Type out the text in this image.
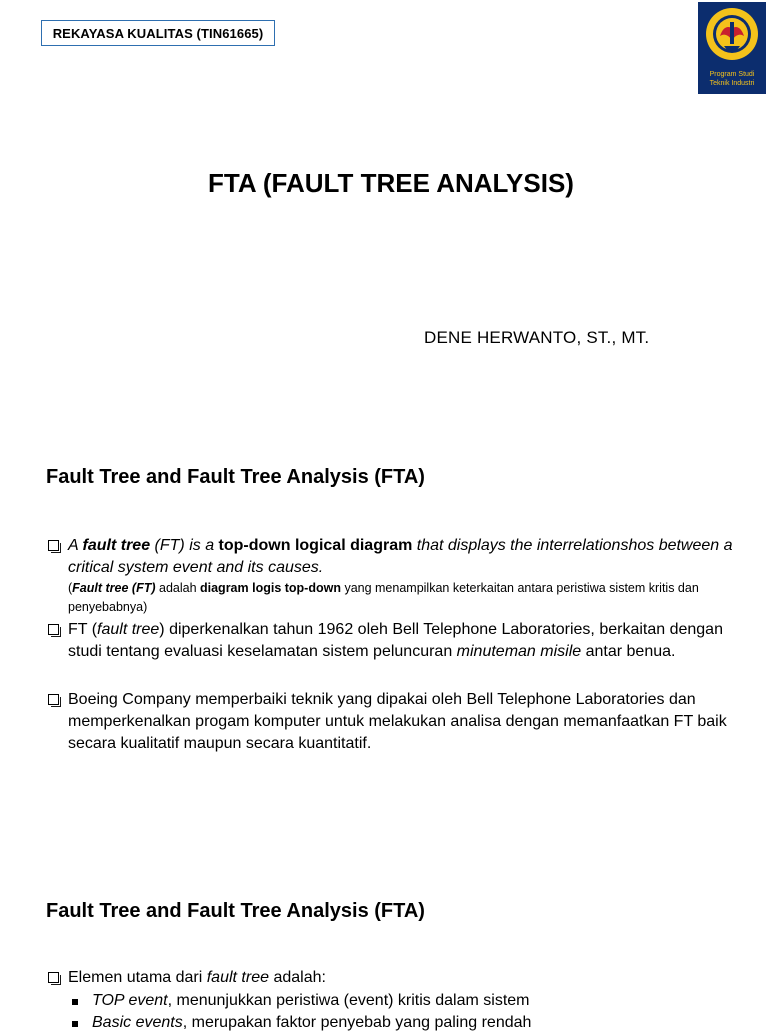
REKAYASA KUALITAS (TIN61665)
Program Studi
Teknik Industri
FTA (FAULT TREE ANALYSIS)
DENE HERWANTO, ST., MT.
Fault Tree and Fault Tree Analysis (FTA)
A fault tree (FT) is a top-down logical diagram that displays the interrelationshos between a critical system event and its causes.
(Fault tree (FT) adalah diagram logis top-down yang menampilkan keterkaitan antara peristiwa sistem kritis dan penyebabnya)
FT (fault tree) diperkenalkan tahun 1962 oleh Bell Telephone Laboratories, berkaitan dengan studi tentang evaluasi keselamatan sistem peluncuran minuteman misile antar benua.
Boeing Company memperbaiki teknik yang dipakai oleh Bell Telephone Laboratories dan memperkenalkan progam komputer untuk melakukan analisa dengan memanfaatkan FT baik secara kualitatif maupun secara kuantitatif.
Fault Tree and Fault Tree Analysis (FTA)
Elemen utama dari fault tree adalah:
TOP event, menunjukkan peristiwa (event) kritis dalam sistem
Basic events, merupakan faktor penyebab yang paling rendah
